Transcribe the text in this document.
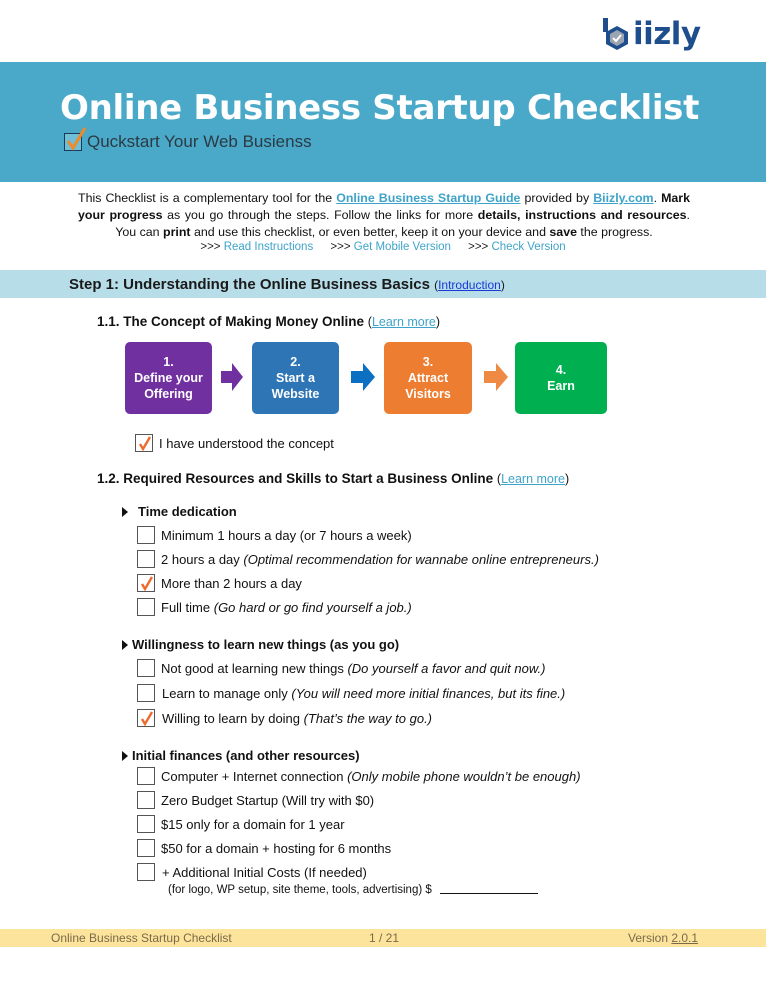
iizly
Online Business Startup Checklist
Quckstart Your Web Busienss
This Checklist is a complementary tool for the Online Business Startup Guide provided by Biizly.com. Mark your progress as you go through the steps. Follow the links for more details, instructions and resources. You can print and use this checklist, or even better, keep it on your device and save the progress.
>>> Read Instructions >>> Get Mobile Version >>> Check Version
Step 1: Understanding the Online Business Basics (Introduction)
1.1. The Concept of Making Money Online (Learn more)
1.
Define your
Offering
2.
Start a
Website
3.
Attract
Visitors
4.
Earn
I have understood the concept
1.2. Required Resources and Skills to Start a Business Online (Learn more)
Time dedication
Minimum 1 hours a day (or 7 hours a week)
2 hours a day (Optimal recommendation for wannabe online entrepreneurs.)
More than 2 hours a day
Full time (Go hard or go find yourself a job.)
Willingness to learn new things (as you go)
Not good at learning new things (Do yourself a favor and quit now.)
Learn to manage only (You will need more initial finances, but its fine.)
Willing to learn by doing (That’s the way to go.)
Initial finances (and other resources)
Computer + Internet connection (Only mobile phone wouldn’t be enough)
Zero Budget Startup (Will try with $0)
$15 only for a domain for 1 year
$50 for a domain + hosting for 6 months
+ Additional Initial Costs (If needed)
(for logo, WP setup, site theme, tools, advertising) $
Online Business Startup Checklist	1 / 21	Version 2.0.1
